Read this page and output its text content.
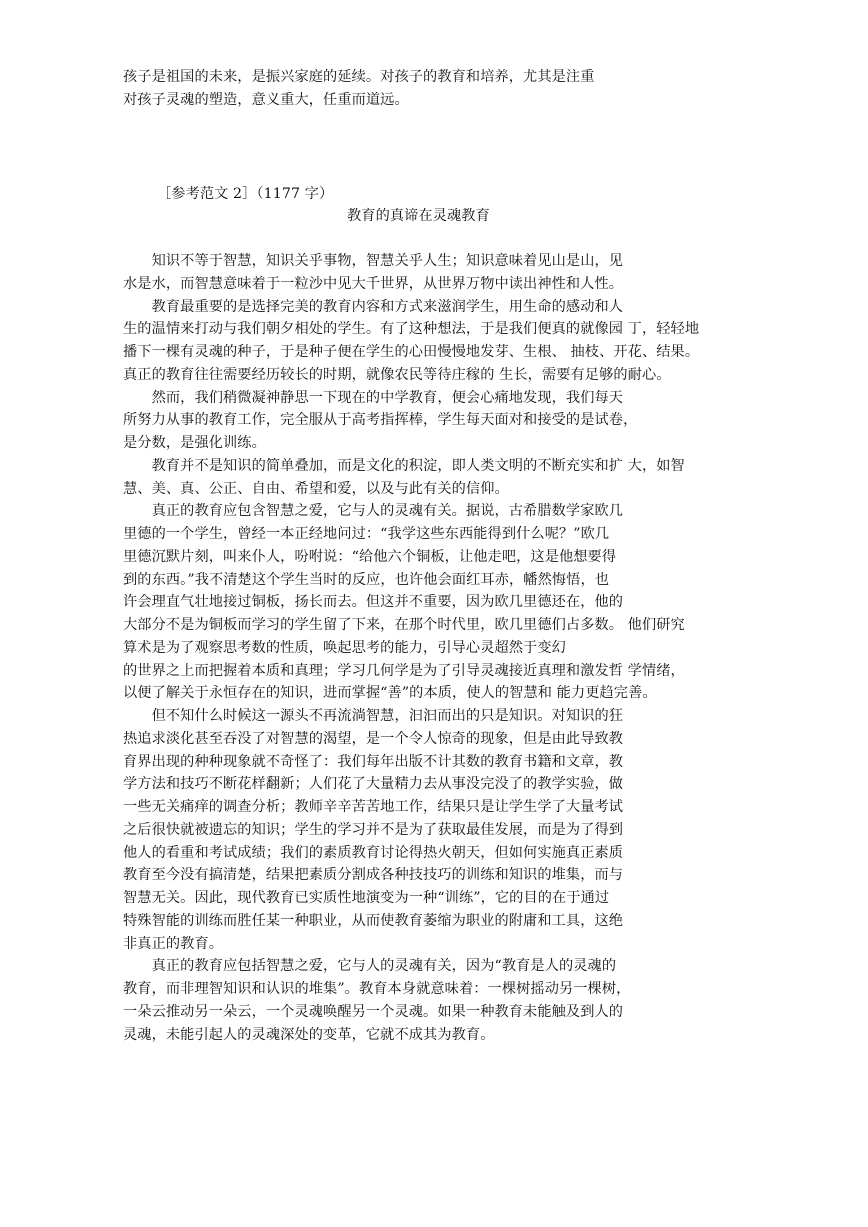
孩子是祖国的未来，是振兴家庭的延续。对孩子的教育和培养，尤其是注重
对孩子灵魂的塑造，意义重大，任重而道远。
［参考范文 2］（1177 字）
教育的真谛在灵魂教育
　　知识不等于智慧，知识关乎事物，智慧关乎人生；知识意味着见山是山，见
水是水，而智慧意味着于一粒沙中见大千世界，从世界万物中读出神性和人性。
　　教育最重要的是选择完美的教育内容和方式来滋润学生，用生命的感动和人
生的温情来打动与我们朝夕相处的学生。有了这种想法，于是我们便真的就像园 丁，轻轻地
播下一棵有灵魂的种子，于是种子便在学生的心田慢慢地发芽、生根、 抽枝、开花、结果。
真正的教育往往需要经历较长的时期，就像农民等待庄稼的 生长，需要有足够的耐心。
　　然而，我们稍微凝神静思一下现在的中学教育，便会心痛地发现，我们每天
所努力从事的教育工作，完全服从于高考指挥棒，学生每天面对和接受的是试卷，
是分数，是强化训练。
　　教育并不是知识的简单叠加，而是文化的积淀，即人类文明的不断充实和扩 大，如智
慧、美、真、公正、自由、希望和爱，以及与此有关的信仰。
　　真正的教育应包含智慧之爱，它与人的灵魂有关。据说，古希腊数学家欧几
里德的一个学生，曾经一本正经地问过：“我学这些东西能得到什么呢？”欧几
里德沉默片刻，叫来仆人，吩咐说：“给他六个铜板，让他走吧，这是他想要得
到的东西。”我不清楚这个学生当时的反应，也许他会面红耳赤，幡然悔悟，也
许会理直气壮地接过铜板，扬长而去。但这并不重要，因为欧几里德还在，他的
大部分不是为铜板而学习的学生留了下来，在那个时代里，欧几里德们占多数。 他们研究
算术是为了观察思考数的性质，唤起思考的能力，引导心灵超然于变幻
的世界之上而把握着本质和真理；学习几何学是为了引导灵魂接近真理和激发哲 学情绪，
以便了解关于永恒存在的知识，进而掌握“善”的本质，使人的智慧和 能力更趋完善。
　　但不知什么时候这一源头不再流淌智慧，汩汩而出的只是知识。对知识的狂
热追求淡化甚至吞没了对智慧的渴望，是一个令人惊奇的现象，但是由此导致教
育界出现的种种现象就不奇怪了：我们每年出版不计其数的教育书籍和文章，教
学方法和技巧不断花样翻新；人们花了大量精力去从事没完没了的教学实验，做
一些无关痛痒的调查分析；教师辛辛苦苦地工作，结果只是让学生学了大量考试
之后很快就被遗忘的知识；学生的学习并不是为了获取最佳发展，而是为了得到
他人的看重和考试成绩；我们的素质教育讨论得热火朝天，但如何实施真正素质
教育至今没有搞清楚，结果把素质分割成各种技技巧的训练和知识的堆集，而与
智慧无关。因此，现代教育已实质性地演变为一种“训练”，它的目的在于通过
特殊智能的训练而胜任某一种职业，从而使教育萎缩为职业的附庸和工具，这绝
非真正的教育。
　　真正的教育应包括智慧之爱，它与人的灵魂有关，因为“教育是人的灵魂的
教育，而非理智知识和认识的堆集”。教育本身就意味着：一棵树摇动另一棵树，
一朵云推动另一朵云，一个灵魂唤醒另一个灵魂。如果一种教育未能触及到人的
灵魂，未能引起人的灵魂深处的变革，它就不成其为教育。
